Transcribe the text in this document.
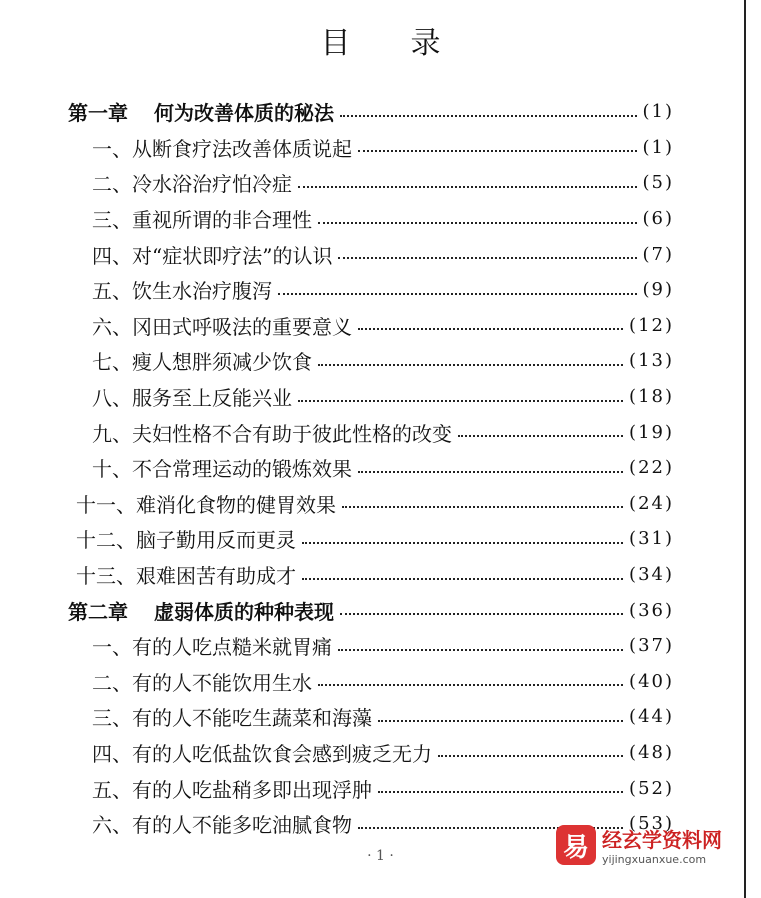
目录
第一章 何为改善体质的秘法	(1)
一、 从断食疗法改善体质说起	(1)
二、 冷水浴治疗怕冷症	(5)
三、 重视所谓的非合理性	(6)
四、 对“症状即疗法”的认识	(7)
五、 饮生水治疗腹泻	(9)
六、 冈田式呼吸法的重要意义	(12)
七、 瘦人想胖须减少饮食	(13)
八、 服务至上反能兴业	(18)
九、 夫妇性格不合有助于彼此性格的改变	(19)
十、 不合常理运动的锻炼效果	(22)
十一、 难消化食物的健胃效果	(24)
十二、 脑子勤用反而更灵	(31)
十三、 艰难困苦有助成才	(34)
第二章 虚弱体质的种种表现	(36)
一、 有的人吃点糙米就胃痛	(37)
二、 有的人不能饮用生水	(40)
三、 有的人不能吃生蔬菜和海藻	(44)
四、 有的人吃低盐饮食会感到疲乏无力	(48)
五、 有的人吃盐稍多即出现浮肿	(52)
六、 有的人不能多吃油腻食物	(53)
· 1 ·	易 经玄学资料网
yijingxuanxue.com
